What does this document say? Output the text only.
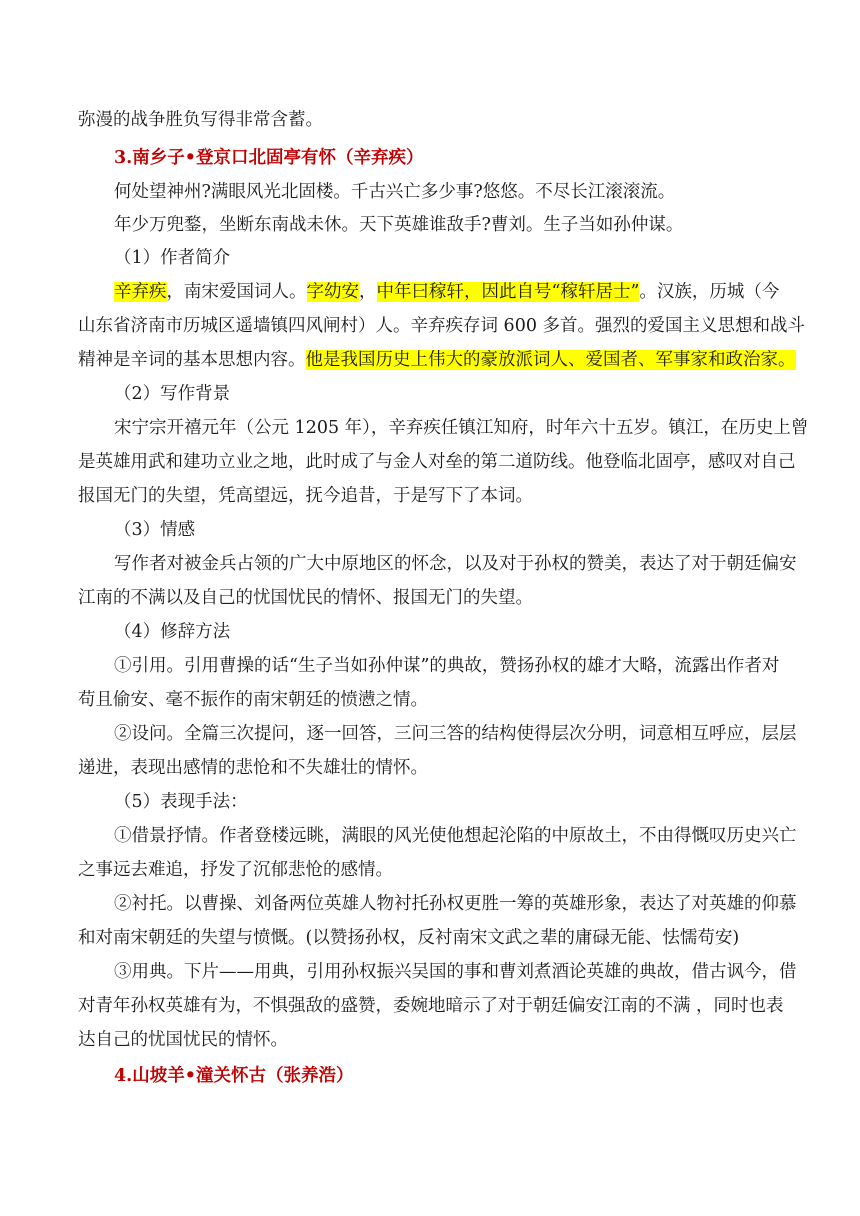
弥漫的战争胜负写得非常含蓄。

3.南乡子•登京口北固亭有怀（辛弃疾）

何处望神州?满眼风光北固楼。千古兴亡多少事?悠悠。不尽长江滚滚流。

年少万兜鍪，坐断东南战未休。天下英雄谁敌手?曹刘。生子当如孙仲谋。

（1）作者简介

辛弃疾，南宋爱国词人。字幼安，中年曰稼轩，因此自号“稼轩居士”。汉族，历城（今

山东省济南市历城区遥墙镇四风闸村）人。辛弃疾存词 600 多首。强烈的爱国主义思想和战斗

精神是辛词的基本思想内容。他是我国历史上伟大的豪放派词人、爱国者、军事家和政治家。

（2）写作背景

宋宁宗开禧元年（公元 1205 年），辛弃疾任镇江知府，时年六十五岁。镇江，在历史上曾

是英雄用武和建功立业之地，此时成了与金人对垒的第二道防线。他登临北固亭，感叹对自己

报国无门的失望，凭高望远，抚今追昔，于是写下了本词。

（3）情感

写作者对被金兵占领的广大中原地区的怀念，以及对于孙权的赞美，表达了对于朝廷偏安

江南的不满以及自己的忧国忧民的情怀、报国无门的失望。

（4）修辞方法

①引用。引用曹操的话“生子当如孙仲谋”的典故，赞扬孙权的雄才大略，流露出作者对

苟且偷安、毫不振作的南宋朝廷的愤懑之情。

②设问。全篇三次提问，逐一回答，三问三答的结构使得层次分明，词意相互呼应，层层

递进，表现出感情的悲怆和不失雄壮的情怀。

（5）表现手法：

①借景抒情。作者登楼远眺，满眼的风光使他想起沦陷的中原故土，不由得慨叹历史兴亡

之事远去难追，抒发了沉郁悲怆的感情。

②衬托。以曹操、刘备两位英雄人物衬托孙权更胜一筹的英雄形象，表达了对英雄的仰慕

和对南宋朝廷的失望与愤慨。(以赞扬孙权，反衬南宋文武之辈的庸碌无能、怯懦苟安)

③用典。下片——用典，引用孙权振兴吴国的事和曹刘煮酒论英雄的典故，借古讽今，借

对青年孙权英雄有为，不惧强敌的盛赞，委婉地暗示了对于朝廷偏安江南的不满 ，同时也表

达自己的忧国忧民的情怀。

4.山坡羊•潼关怀古（张养浩）
